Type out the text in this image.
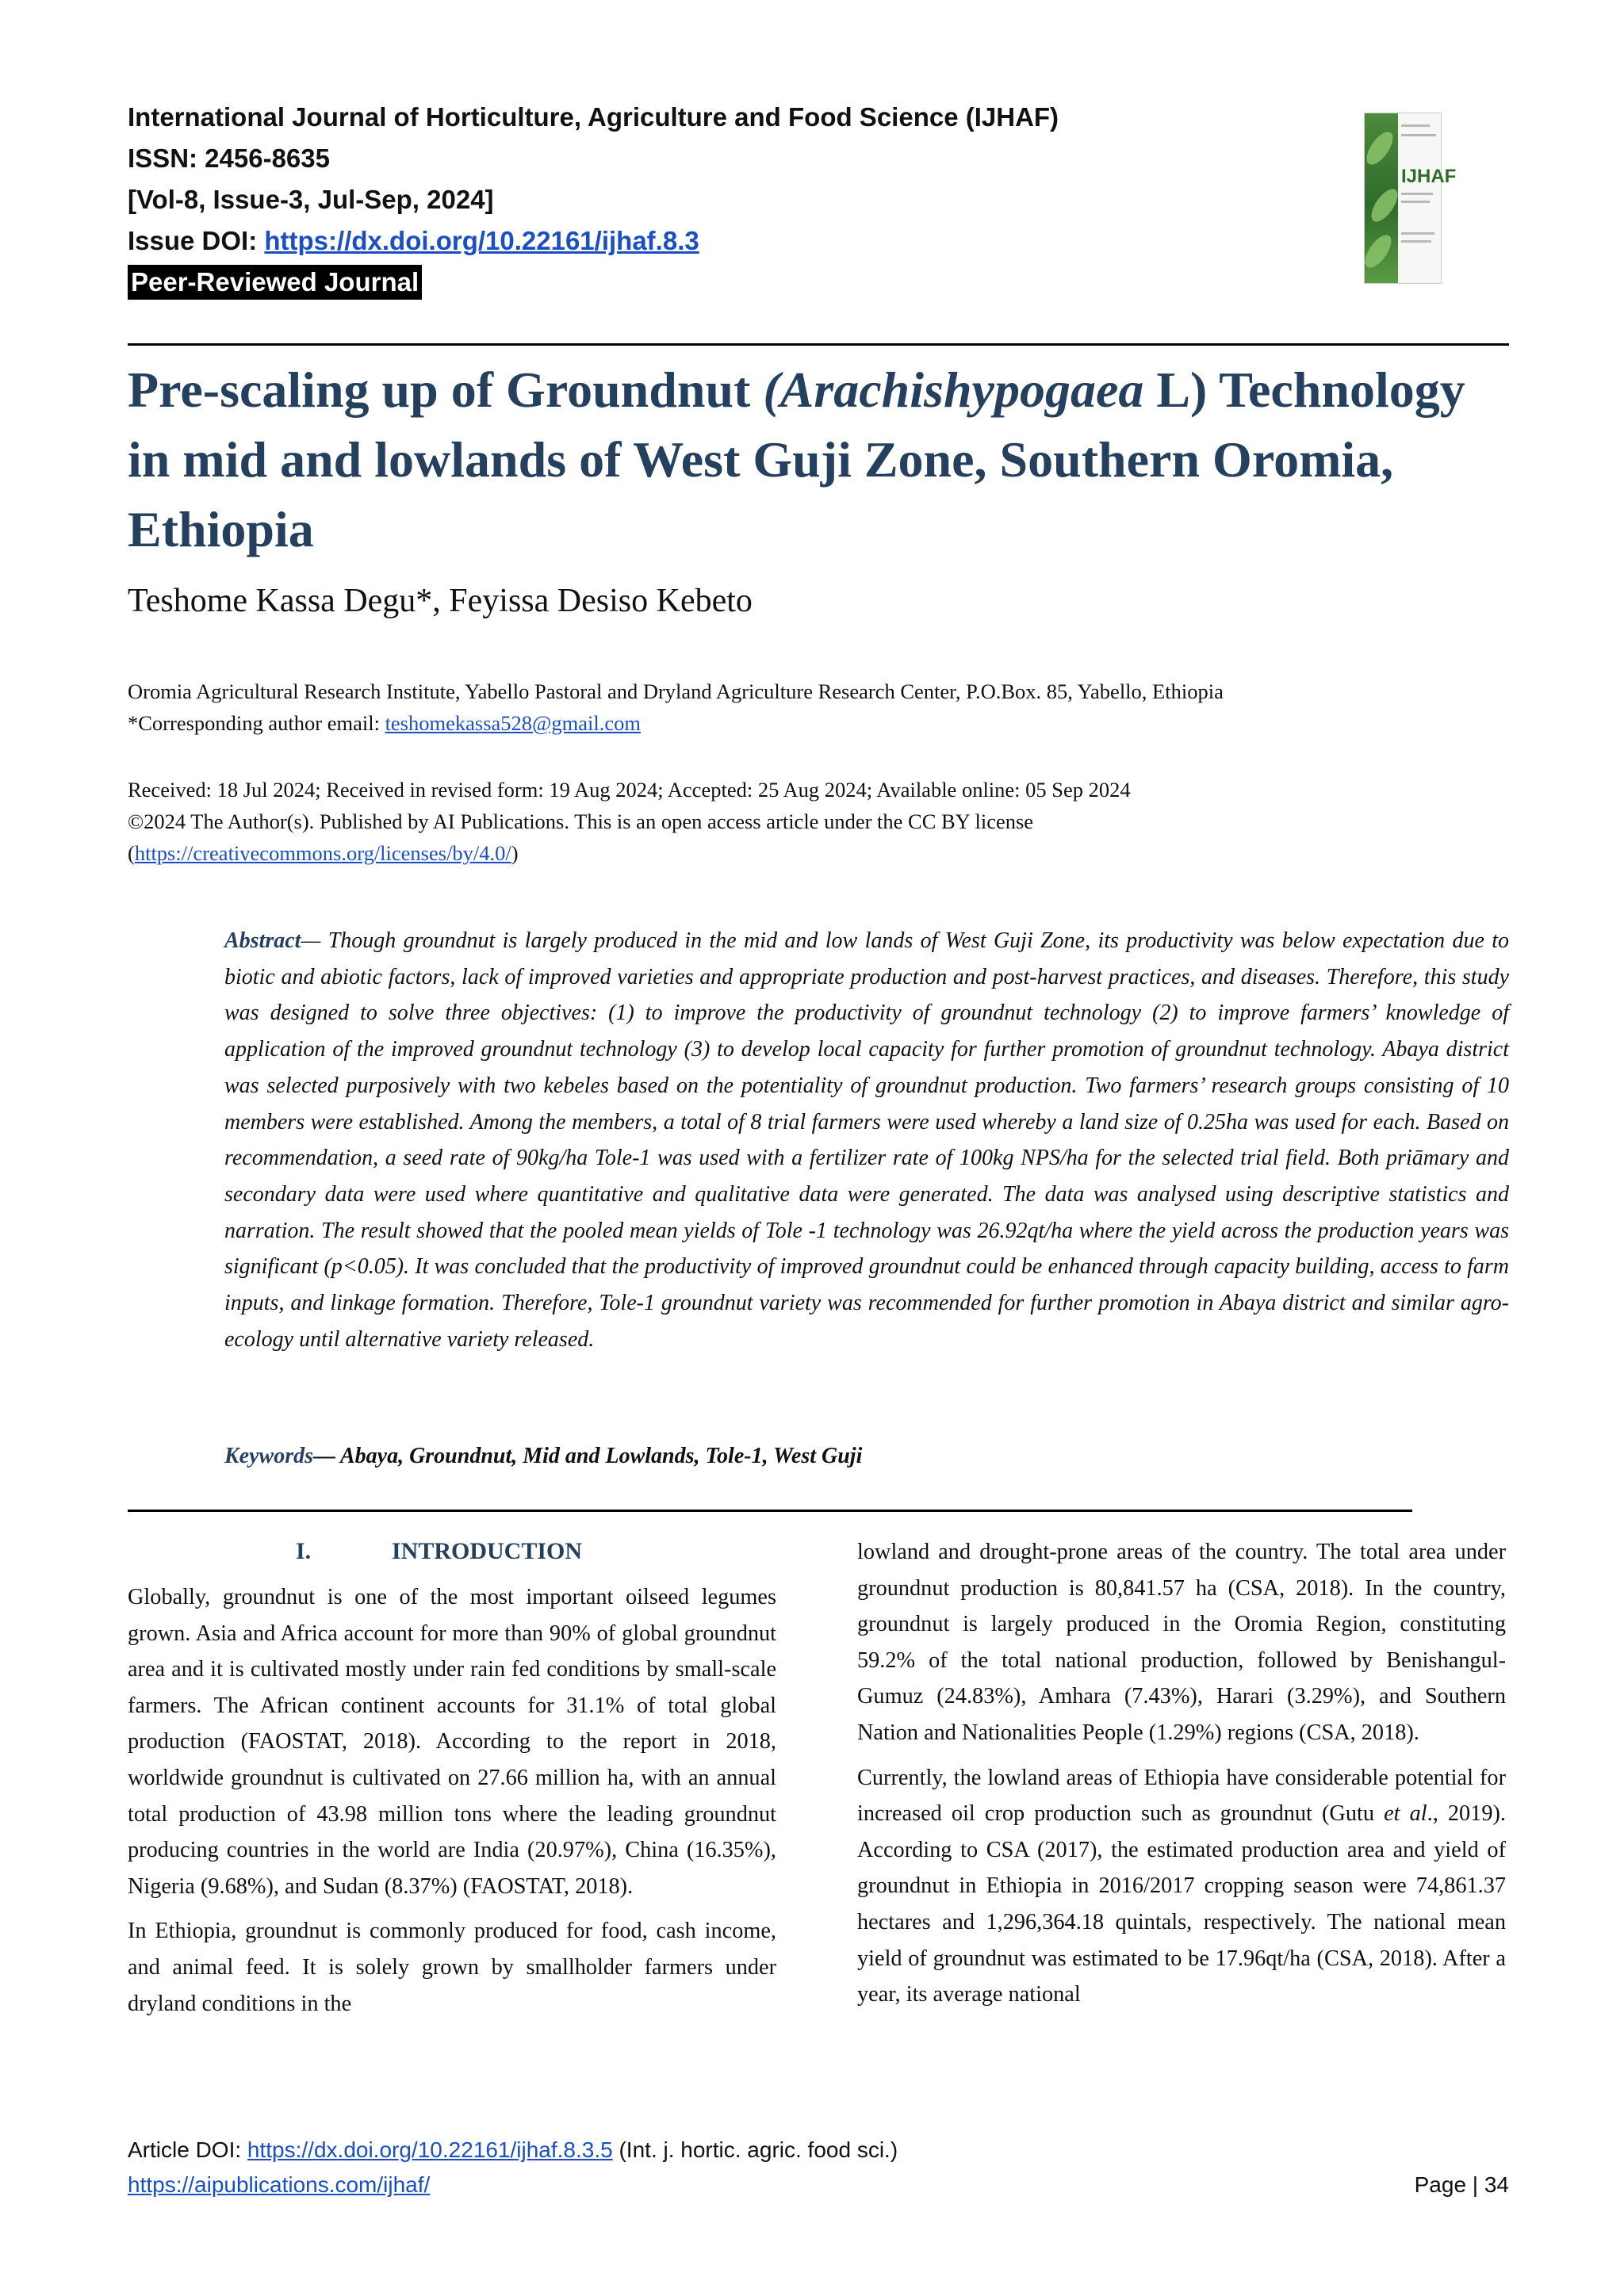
International Journal of Horticulture, Agriculture and Food Science (IJHAF)
ISSN: 2456-8635
[Vol-8, Issue-3, Jul-Sep, 2024]
Issue DOI: https://dx.doi.org/10.22161/ijhaf.8.3
Peer-Reviewed Journal
IJHAF
Pre-scaling up of Groundnut (Arachishypogaea L) Technology in mid and lowlands of West Guji Zone, Southern Oromia, Ethiopia
Teshome Kassa Degu*, Feyissa Desiso Kebeto
Oromia Agricultural Research Institute, Yabello Pastoral and Dryland Agriculture Research Center, P.O.Box. 85, Yabello, Ethiopia
*Corresponding author email: teshomekassa528@gmail.com
Received: 18 Jul 2024; Received in revised form: 19 Aug 2024; Accepted: 25 Aug 2024; Available online: 05 Sep 2024
©2024 The Author(s). Published by AI Publications. This is an open access article under the CC BY license
(https://creativecommons.org/licenses/by/4.0/)
Abstract— Though groundnut is largely produced in the mid and low lands of West Guji Zone, its productivity was below expectation due to biotic and abiotic factors, lack of improved varieties and appropriate production and post-harvest practices, and diseases. Therefore, this study was designed to solve three objectives: (1) to improve the productivity of groundnut technology (2) to improve farmers’ knowledge of application of the improved groundnut technology (3) to develop local capacity for further promotion of groundnut technology. Abaya district was selected purposively with two kebeles based on the potentiality of groundnut production. Two farmers’ research groups consisting of 10 members were established. Among the members, a total of 8 trial farmers were used whereby a land size of 0.25ha was used for each. Based on recommendation, a seed rate of 90kg/ha Tole-1 was used with a fertilizer rate of 100kg NPS/ha for the selected trial field. Both priāmary and secondary data were used where quantitative and qualitative data were generated. The data was analysed using descriptive statistics and narration. The result showed that the pooled mean yields of Tole -1 technology was 26.92qt/ha where the yield across the production years was significant (p<0.05). It was concluded that the productivity of improved groundnut could be enhanced through capacity building, access to farm inputs, and linkage formation. Therefore, Tole-1 groundnut variety was recommended for further promotion in Abaya district and similar agro-ecology until alternative variety released.
Keywords— Abaya, Groundnut, Mid and Lowlands, Tole-1, West Guji
I.	INTRODUCTION

Globally, groundnut is one of the most important oilseed legumes grown. Asia and Africa account for more than 90% of global groundnut area and it is cultivated mostly under rain fed conditions by small-scale farmers. The African continent accounts for 31.1% of total global production (FAOSTAT, 2018). According to the report in 2018, worldwide groundnut is cultivated on 27.66 million ha, with an annual total production of 43.98 million tons where the leading groundnut producing countries in the world are India (20.97%), China (16.35%), Nigeria (9.68%), and Sudan (8.37%) (FAOSTAT, 2018).

In Ethiopia, groundnut is commonly produced for food, cash income, and animal feed. It is solely grown by smallholder farmers under dryland conditions in the

lowland and drought-prone areas of the country. The total area under groundnut production is 80,841.57 ha (CSA, 2018). In the country, groundnut is largely produced in the Oromia Region, constituting 59.2% of the total national production, followed by Benishangul-Gumuz (24.83%), Amhara (7.43%), Harari (3.29%), and Southern Nation and Nationalities People (1.29%) regions (CSA, 2018).

Currently, the lowland areas of Ethiopia have considerable potential for increased oil crop production such as groundnut (Gutu et al., 2019). According to CSA (2017), the estimated production area and yield of groundnut in Ethiopia in 2016/2017 cropping season were 74,861.37 hectares and 1,296,364.18 quintals, respectively. The national mean yield of groundnut was estimated to be 17.96qt/ha (CSA, 2018). After a year, its average national

Article DOI: https://dx.doi.org/10.22161/ijhaf.8.3.5 (Int. j. hortic. agric. food sci.)
https://aipublications.com/ijhaf/	Page | 34
